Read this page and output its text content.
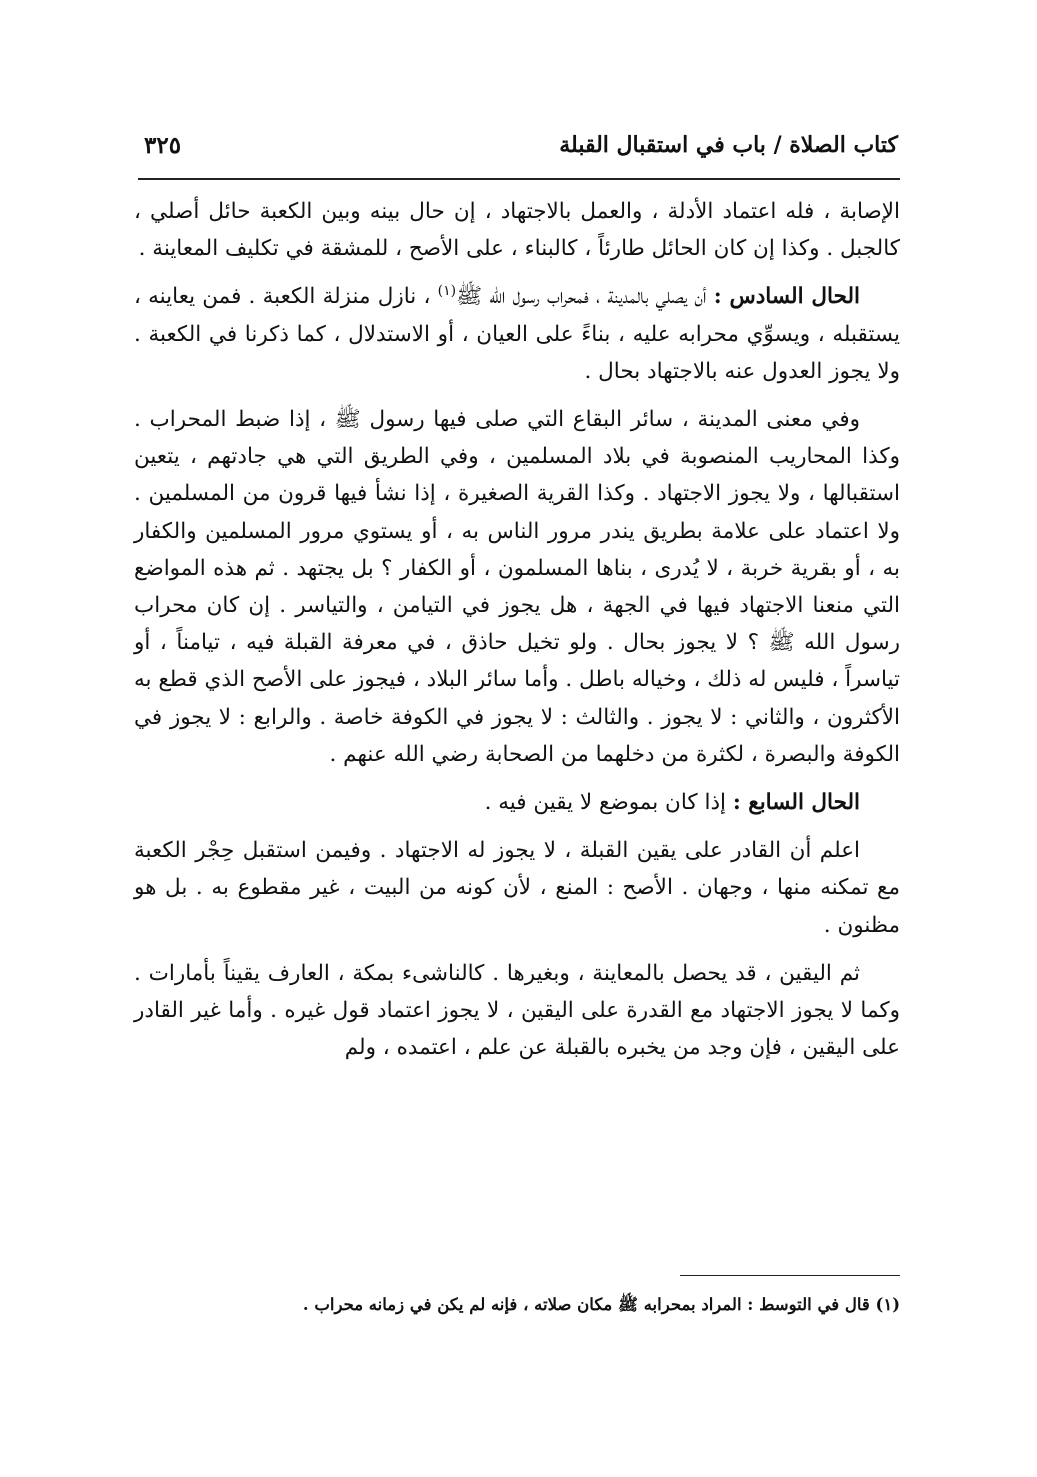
كتاب الصلاة / باب في استقبال القبلة
٣٢٥

الإصابة ، فله اعتماد الأدلة ، والعمل بالاجتهاد ، إن حال بينه وبين الكعبة حائل أصلي ، كالجبل . وكذا إن كان الحائل طارئاً ، كالبناء ، على الأصح ، للمشقة في تكليف المعاينة .

الحال السادس : أن يصلي بالمدينة ، فمحراب رسول الله ﷺ$^{(١)}$ ، نازل منزلة الكعبة . فمن يعاينه ، يستقبله ، ويسوِّي محرابه عليه ، بناءً على العيان ، أو الاستدلال ، كما ذكرنا في الكعبة . ولا يجوز العدول عنه بالاجتهاد بحال .

وفي معنى المدينة ، سائر البقاع التي صلى فيها رسول ﷺ ، إذا ضبط المحراب . وكذا المحاريب المنصوبة في بلاد المسلمين ، وفي الطريق التي هي جادتهم ، يتعين استقبالها ، ولا يجوز الاجتهاد . وكذا القرية الصغيرة ، إذا نشأ فيها قرون من المسلمين . ولا اعتماد على علامة بطريق يندر مرور الناس به ، أو يستوي مرور المسلمين والكفار به ، أو بقرية خربة ، لا يُدرى ، بناها المسلمون ، أو الكفار ؟ بل يجتهد . ثم هذه المواضع التي منعنا الاجتهاد فيها في الجهة ، هل يجوز في التيامن ، والتياسر . إن كان محراب رسول الله ﷺ ؟ لا يجوز بحال . ولو تخيل حاذق ، في معرفة القبلة فيه ، تيامناً ، أو تياسراً ، فليس له ذلك ، وخياله باطل . وأما سائر البلاد ، فيجوز على الأصح الذي قطع به الأكثرون ، والثاني : لا يجوز . والثالث : لا يجوز في الكوفة خاصة . والرابع : لا يجوز في الكوفة والبصرة ، لكثرة من دخلهما من الصحابة رضي الله عنهم .

الحال السابع : إذا كان بموضع لا يقين فيه .

اعلم أن القادر على يقين القبلة ، لا يجوز له الاجتهاد . وفيمن استقبل حِجْر الكعبة مع تمكنه منها ، وجهان . الأصح : المنع ، لأن كونه من البيت ، غير مقطوع به . بل هو مظنون .

ثم اليقين ، قد يحصل بالمعاينة ، وبغيرها . كالناشىء بمكة ، العارف يقيناً بأمارات . وكما لا يجوز الاجتهاد مع القدرة على اليقين ، لا يجوز اعتماد قول غيره . وأما غير القادر على اليقين ، فإن وجد من يخبره بالقبلة عن علم ، اعتمده ، ولم

(١) قال في التوسط : المراد بمحرابه ﷺ مكان صلاته ، فإنه لم يكن في زمانه محراب .
